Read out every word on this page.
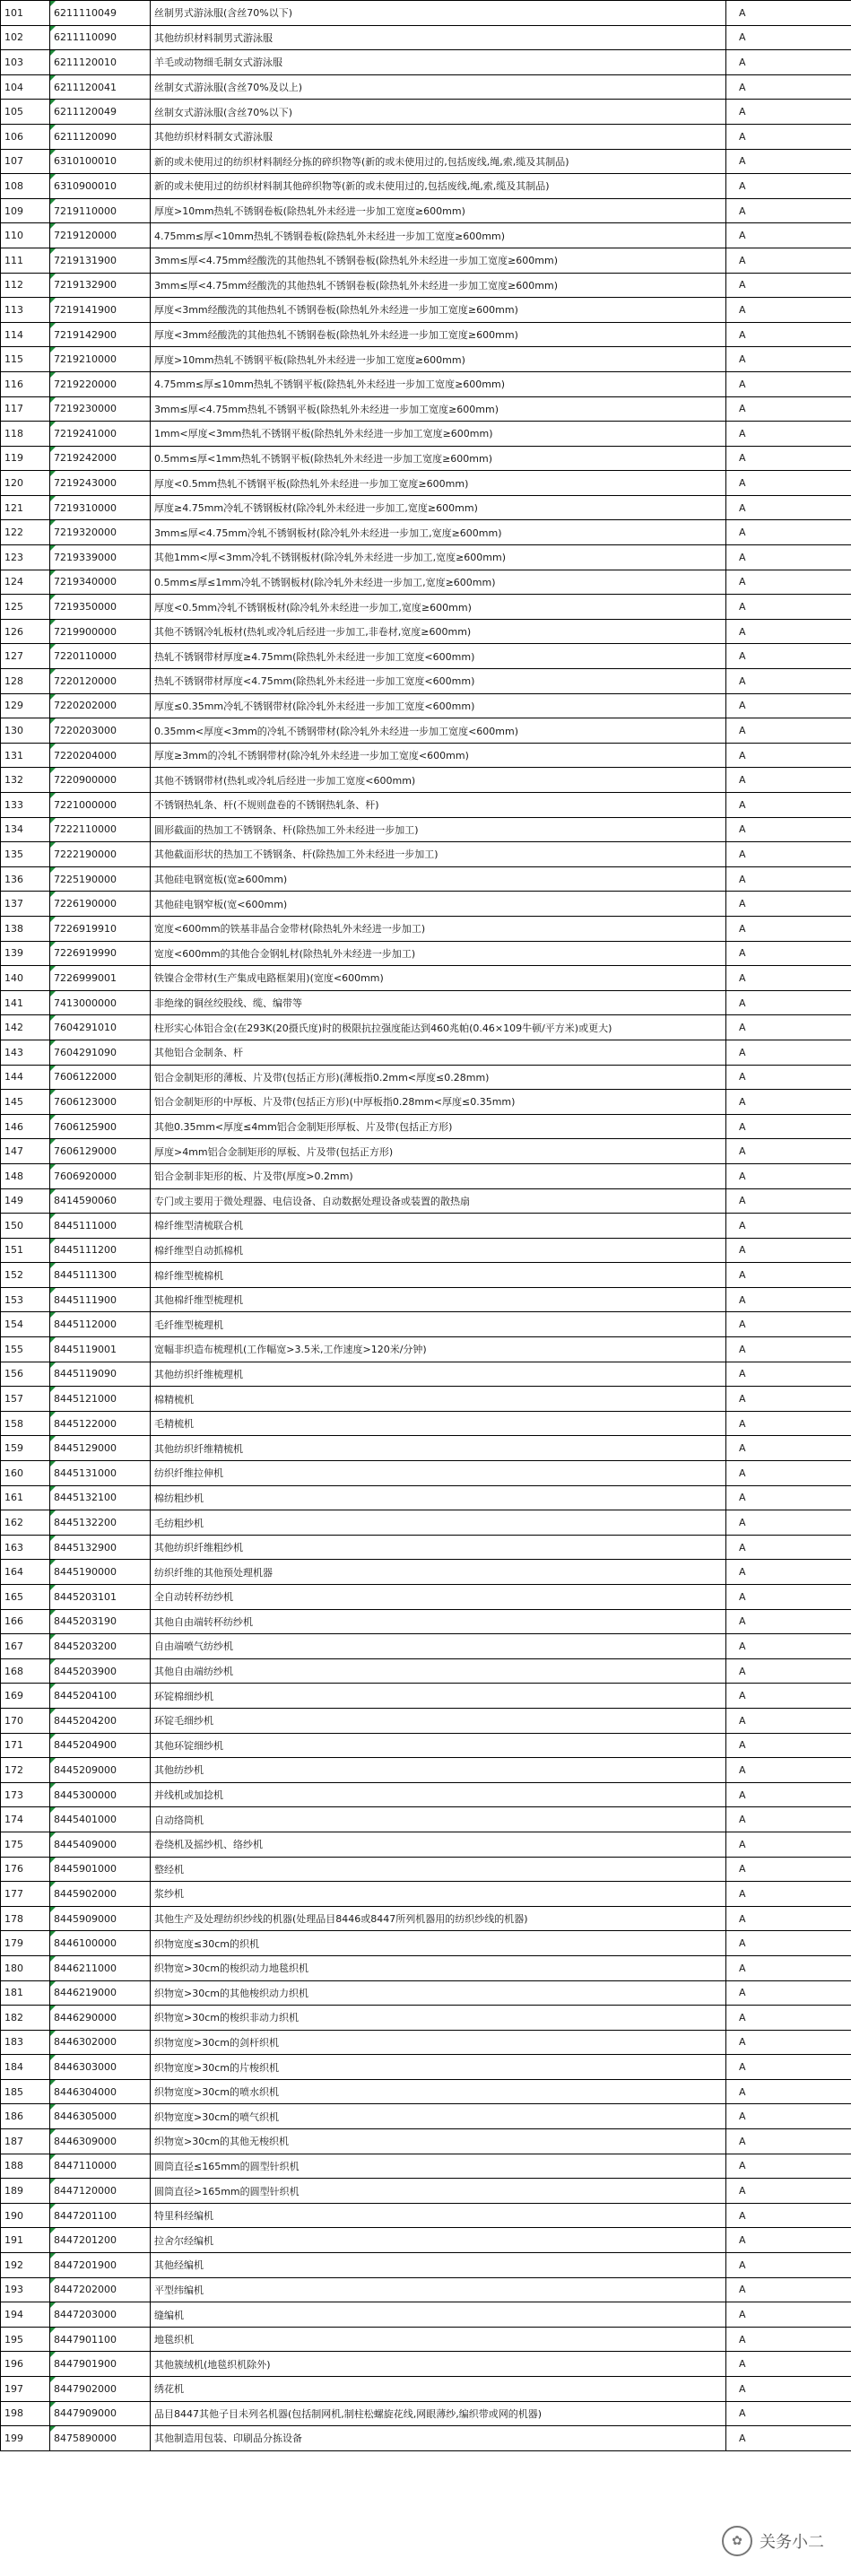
101	6211110049	丝制男式游泳服(含丝70%以下)	A
102	6211110090	其他纺织材料制男式游泳服	A
103	6211120010	羊毛或动物细毛制女式游泳服	A
104	6211120041	丝制女式游泳服(含丝70%及以上)	A
105	6211120049	丝制女式游泳服(含丝70%以下)	A
106	6211120090	其他纺织材料制女式游泳服	A
107	6310100010	新的或未使用过的纺织材料制经分拣的碎织物等(新的或未使用过的,包括废线,绳,索,缆及其制品)	A
108	6310900010	新的或未使用过的纺织材料制其他碎织物等(新的或未使用过的,包括废线,绳,索,缆及其制品)	A
109	7219110000	厚度>10mm热轧不锈钢卷板(除热轧外未经进一步加工宽度≥600mm)	A
110	7219120000	4.75mm≤厚<10mm热轧不锈钢卷板(除热轧外未经进一步加工宽度≥600mm)	A
111	7219131900	3mm≤厚<4.75mm经酸洗的其他热轧不锈钢卷板(除热轧外未经进一步加工宽度≥600mm)	A
112	7219132900	3mm≤厚<4.75mm经酸洗的其他热轧不锈钢卷板(除热轧外未经进一步加工宽度≥600mm)	A
113	7219141900	厚度<3mm经酸洗的其他热轧不锈钢卷板(除热轧外未经进一步加工宽度≥600mm)	A
114	7219142900	厚度<3mm经酸洗的其他热轧不锈钢卷板(除热轧外未经进一步加工宽度≥600mm)	A
115	7219210000	厚度>10mm热轧不锈钢平板(除热轧外未经进一步加工宽度≥600mm)	A
116	7219220000	4.75mm≤厚≤10mm热轧不锈钢平板(除热轧外未经进一步加工宽度≥600mm)	A
117	7219230000	3mm≤厚<4.75mm热轧不锈钢平板(除热轧外未经进一步加工宽度≥600mm)	A
118	7219241000	1mm<厚度<3mm热轧不锈钢平板(除热轧外未经进一步加工宽度≥600mm)	A
119	7219242000	0.5mm≤厚<1mm热轧不锈钢平板(除热轧外未经进一步加工宽度≥600mm)	A
120	7219243000	厚度<0.5mm热轧不锈钢平板(除热轧外未经进一步加工宽度≥600mm)	A
121	7219310000	厚度≥4.75mm冷轧不锈钢板材(除冷轧外未经进一步加工,宽度≥600mm)	A
122	7219320000	3mm≤厚<4.75mm冷轧不锈钢板材(除冷轧外未经进一步加工,宽度≥600mm)	A
123	7219339000	其他1mm<厚<3mm冷轧不锈钢板材(除冷轧外未经进一步加工,宽度≥600mm)	A
124	7219340000	0.5mm≤厚≤1mm冷轧不锈钢板材(除冷轧外未经进一步加工,宽度≥600mm)	A
125	7219350000	厚度<0.5mm冷轧不锈钢板材(除冷轧外未经进一步加工,宽度≥600mm)	A
126	7219900000	其他不锈钢冷轧板材(热轧或冷轧后经进一步加工,非卷材,宽度≥600mm)	A
127	7220110000	热轧不锈钢带材厚度≥4.75mm(除热轧外未经进一步加工宽度<600mm)	A
128	7220120000	热轧不锈钢带材厚度<4.75mm(除热轧外未经进一步加工宽度<600mm)	A
129	7220202000	厚度≤0.35mm冷轧不锈钢带材(除冷轧外未经进一步加工宽度<600mm)	A
130	7220203000	0.35mm<厚度<3mm的冷轧不锈钢带材(除冷轧外未经进一步加工宽度<600mm)	A
131	7220204000	厚度≥3mm的冷轧不锈钢带材(除冷轧外未经进一步加工宽度<600mm)	A
132	7220900000	其他不锈钢带材(热轧或冷轧后经进一步加工宽度<600mm)	A
133	7221000000	不锈钢热轧条、杆(不规则盘卷的不锈钢热轧条、杆)	A
134	7222110000	圆形截面的热加工不锈钢条、杆(除热加工外未经进一步加工)	A
135	7222190000	其他截面形状的热加工不锈钢条、杆(除热加工外未经进一步加工)	A
136	7225190000	其他硅电钢宽板(宽≥600mm)	A
137	7226190000	其他硅电钢窄板(宽<600mm)	A
138	7226919910	宽度<600mm的铁基非晶合金带材(除热轧外未经进一步加工)	A
139	7226919990	宽度<600mm的其他合金钢轧材(除热轧外未经进一步加工)	A
140	7226999001	铁镍合金带材(生产集成电路框架用)(宽度<600mm)	A
141	7413000000	非绝缘的铜丝绞股线、缆、编带等	A
142	7604291010	柱形实心体铝合金(在293K(20摄氏度)时的极限抗拉强度能达到460兆帕(0.46×109牛顿/平方米)或更大)	A
143	7604291090	其他铝合金制条、杆	A
144	7606122000	铝合金制矩形的薄板、片及带(包括正方形)(薄板指0.2mm<厚度≤0.28mm)	A
145	7606123000	铝合金制矩形的中厚板、片及带(包括正方形)(中厚板指0.28mm<厚度≤0.35mm)	A
146	7606125900	其他0.35mm<厚度≤4mm铝合金制矩形厚板、片及带(包括正方形)	A
147	7606129000	厚度>4mm铝合金制矩形的厚板、片及带(包括正方形)	A
148	7606920000	铝合金制非矩形的板、片及带(厚度>0.2mm)	A
149	8414590060	专门或主要用于微处理器、电信设备、自动数据处理设备或装置的散热扇	A
150	8445111000	棉纤维型清梳联合机	A
151	8445111200	棉纤维型自动抓棉机	A
152	8445111300	棉纤维型梳棉机	A
153	8445111900	其他棉纤维型梳理机	A
154	8445112000	毛纤维型梳理机	A
155	8445119001	宽幅非织造布梳理机(工作幅宽>3.5米,工作速度>120米/分钟)	A
156	8445119090	其他纺织纤维梳理机	A
157	8445121000	棉精梳机	A
158	8445122000	毛精梳机	A
159	8445129000	其他纺织纤维精梳机	A
160	8445131000	纺织纤维拉伸机	A
161	8445132100	棉纺粗纱机	A
162	8445132200	毛纺粗纱机	A
163	8445132900	其他纺织纤维粗纱机	A
164	8445190000	纺织纤维的其他预处理机器	A
165	8445203101	全自动转杯纺纱机	A
166	8445203190	其他自由端转杯纺纱机	A
167	8445203200	自由端喷气纺纱机	A
168	8445203900	其他自由端纺纱机	A
169	8445204100	环锭棉细纱机	A
170	8445204200	环锭毛细纱机	A
171	8445204900	其他环锭细纱机	A
172	8445209000	其他纺纱机	A
173	8445300000	并线机或加捻机	A
174	8445401000	自动络筒机	A
175	8445409000	卷绕机及摇纱机、络纱机	A
176	8445901000	整经机	A
177	8445902000	浆纱机	A
178	8445909000	其他生产及处理纺织纱线的机器(处理品目8446或8447所列机器用的纺织纱线的机器)	A
179	8446100000	织物宽度≤30cm的织机	A
180	8446211000	织物宽>30cm的梭织动力地毯织机	A
181	8446219000	织物宽>30cm的其他梭织动力织机	A
182	8446290000	织物宽>30cm的梭织非动力织机	A
183	8446302000	织物宽度>30cm的剑杆织机	A
184	8446303000	织物宽度>30cm的片梭织机	A
185	8446304000	织物宽度>30cm的喷水织机	A
186	8446305000	织物宽度>30cm的喷气织机	A
187	8446309000	织物宽>30cm的其他无梭织机	A
188	8447110000	圆筒直径≤165mm的圆型针织机	A
189	8447120000	圆筒直径>165mm的圆型针织机	A
190	8447201100	特里科经编机	A
191	8447201200	拉舍尔经编机	A
192	8447201900	其他经编机	A
193	8447202000	平型纬编机	A
194	8447203000	缝编机	A
195	8447901100	地毯织机	A
196	8447901900	其他簇绒机(地毯织机除外)	A
197	8447902000	绣花机	A
198	8447909000	品目8447其他子目未列名机器(包括制网机,制柱松螺旋花线,网眼薄纱,编织带或网的机器)	A
199	8475890000	其他制造用包装、印刷品分拣设备	A
✿	关务小二
